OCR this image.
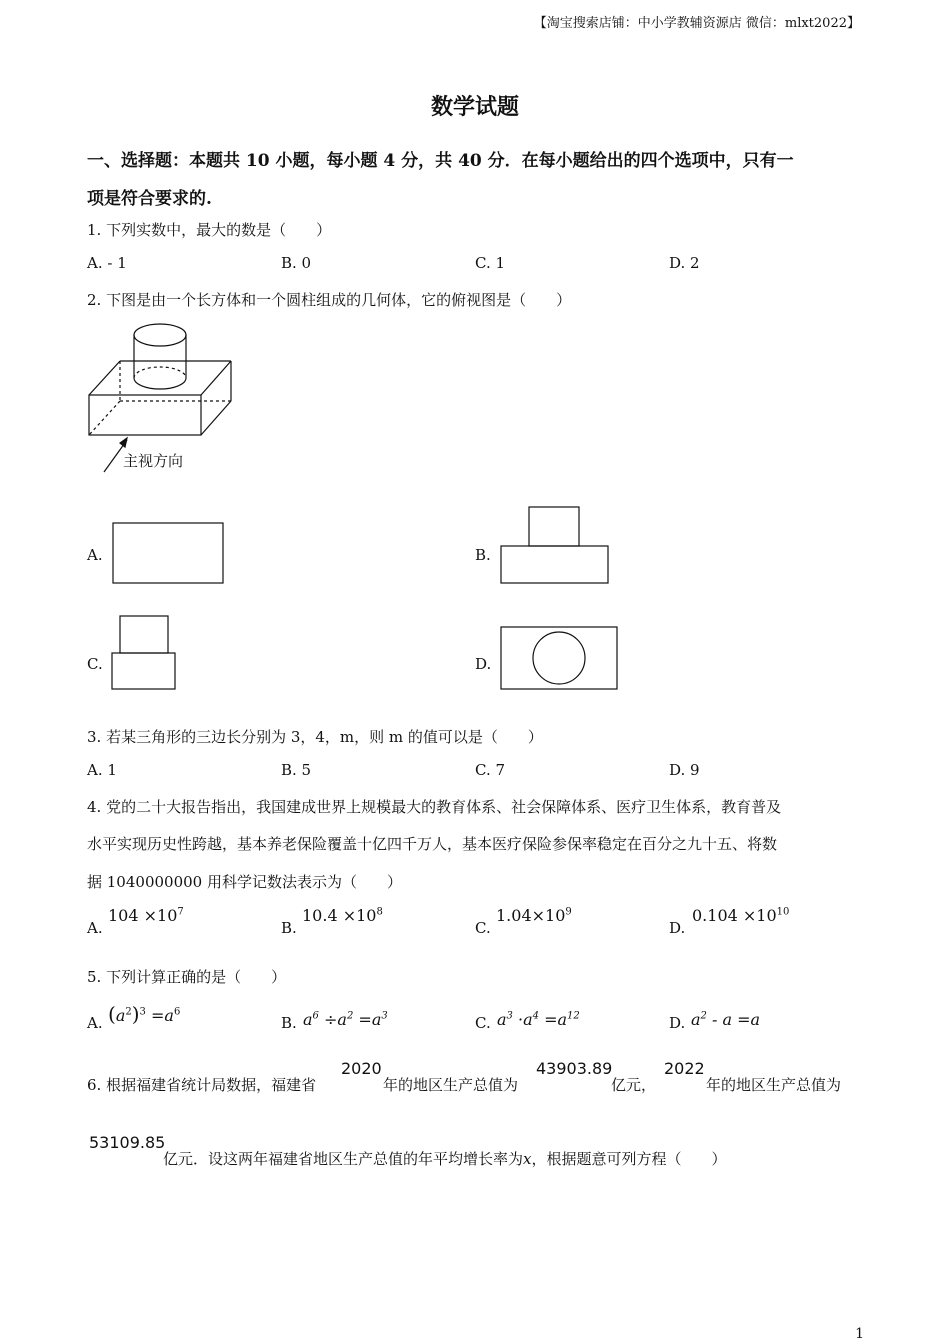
【淘宝搜索店铺：中小学教辅资源店 微信：mlxt2022】
数学试题
一、选择题：本题共 10 小题，每小题 4 分，共 40 分．在每小题给出的四个选项中，只有一
项是符合要求的.
1. 下列实数中，最大的数是（　　）
A. - 1	B. 0	C. 1	D. 2
2. 下图是由一个长方体和一个圆柱组成的几何体，它的俯视图是（　　）
主视方向
A.	B.
C.	D.
3. 若某三角形的三边长分别为 3，4，m，则 m 的值可以是（　　）
A. 1	B. 5	C. 7	D. 9
4. 党的二十大报告指出，我国建成世界上规模最大的教育体系、社会保障体系、医疗卫生体系，教育普及
水平实现历史性跨越，基本养老保险覆盖十亿四千万人，基本医疗保险参保率稳定在百分之九十五、将数
据 1040000000 用科学记数法表示为（　　）
A.
$104 \times 10^7$
B.
$10.4 \times 10^8$
C.
$1.04\times 10^9$
D.
$0.104 \times 10^{10}$
5. 下列计算正确的是（　　）
A. $(a^2)^3 =a^6$
B. $a^6 \div a^2 =a^3$	C. $a^3 \cdot a^4 =a^{12}$	D. $a^2 - a =a$
6. 根据福建省统计局数据，福建省
2020
年的地区生产总值为
43903.89
亿元，
2022
年的地区生产总值为
53109.85
亿元．设这两年福建省地区生产总值的年平均增长率为x，根据题意可列方程（　　）
1
